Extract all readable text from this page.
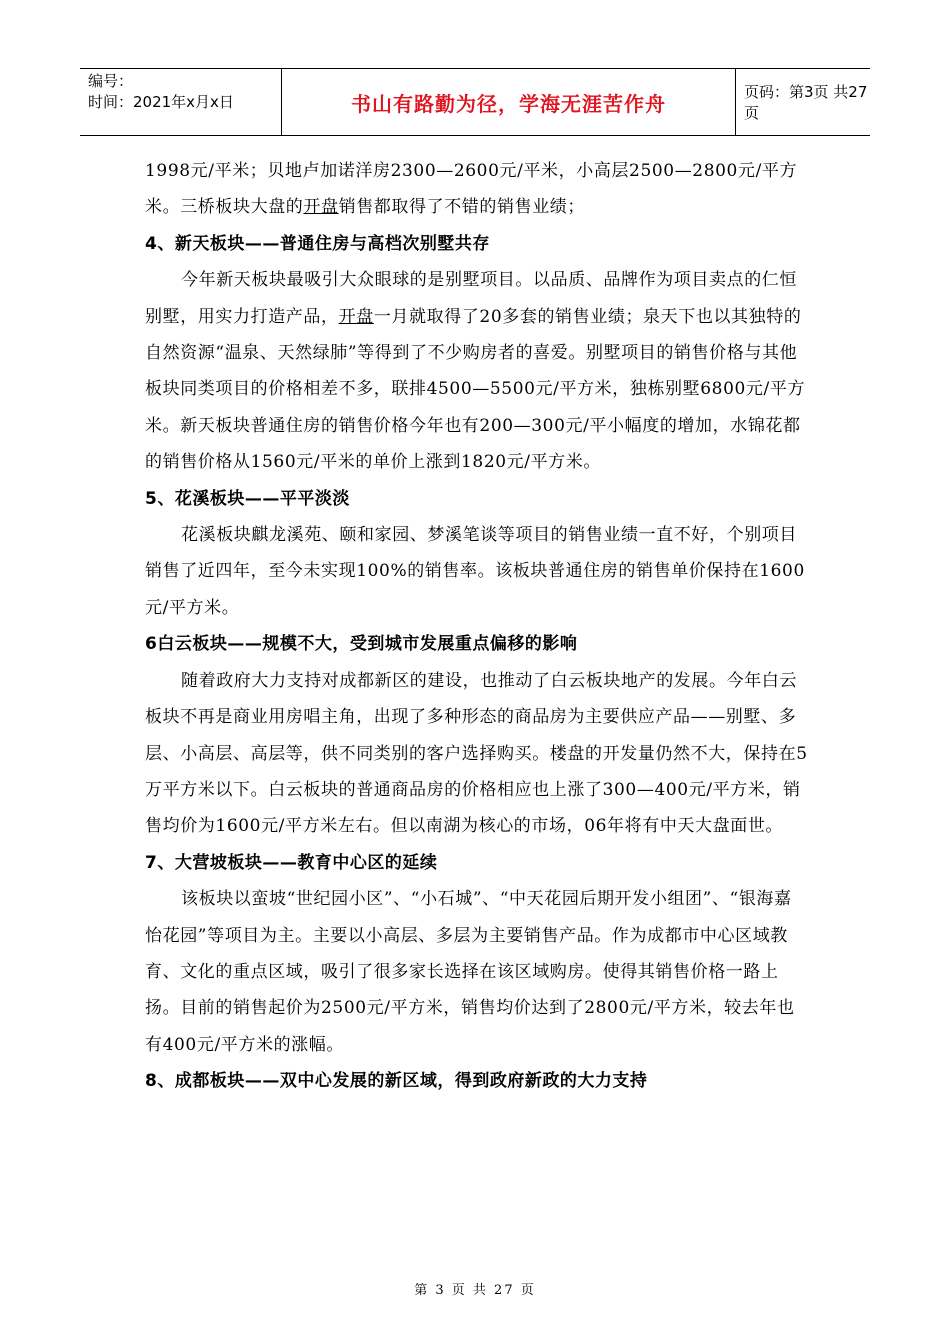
编号：
时间：2021年x月x日	书山有路勤为径，学海无涯苦作舟	页码：第3页 共27页

1998元/平米；贝地卢加诺洋房2300—2600元/平米，小高层2500—2800元/平方米。三桥板块大盘的开盘销售都取得了不错的销售业绩；

4、新天板块——普通住房与高档次别墅共存

今年新天板块最吸引大众眼球的是别墅项目。以品质、品牌作为项目卖点的仁恒别墅，用实力打造产品，开盘一月就取得了20多套的销售业绩；泉天下也以其独特的自然资源“温泉、天然绿肺”等得到了不少购房者的喜爱。别墅项目的销售价格与其他板块同类项目的价格相差不多，联排4500—5500元/平方米，独栋别墅6800元/平方米。新天板块普通住房的销售价格今年也有200—300元/平小幅度的增加，水锦花都的销售价格从1560元/平米的单价上涨到1820元/平方米。

5、花溪板块——平平淡淡

花溪板块麒龙溪苑、颐和家园、梦溪笔谈等项目的销售业绩一直不好，个别项目销售了近四年，至今未实现100%的销售率。该板块普通住房的销售单价保持在1600元/平方米。

6白云板块——规模不大，受到城市发展重点偏移的影响

随着政府大力支持对成都新区的建设，也推动了白云板块地产的发展。今年白云板块不再是商业用房唱主角，出现了多种形态的商品房为主要供应产品——别墅、多层、小高层、高层等，供不同类别的客户选择购买。楼盘的开发量仍然不大，保持在5万平方米以下。白云板块的普通商品房的价格相应也上涨了300—400元/平方米，销售均价为1600元/平方米左右。但以南湖为核心的市场，06年将有中天大盘面世。

7、大营坡板块——教育中心区的延续

该板块以蛮坡“世纪园小区”、“小石城”、“中天花园后期开发小组团”、“银海嘉怡花园”等项目为主。主要以小高层、多层为主要销售产品。作为成都市中心区域教育、文化的重点区域，吸引了很多家长选择在该区域购房。使得其销售价格一路上扬。目前的销售起价为2500元/平方米，销售均价达到了2800元/平方米，较去年也有400元/平方米的涨幅。

8、成都板块——双中心发展的新区域，得到政府新政的大力支持

第 3 页 共 27 页
